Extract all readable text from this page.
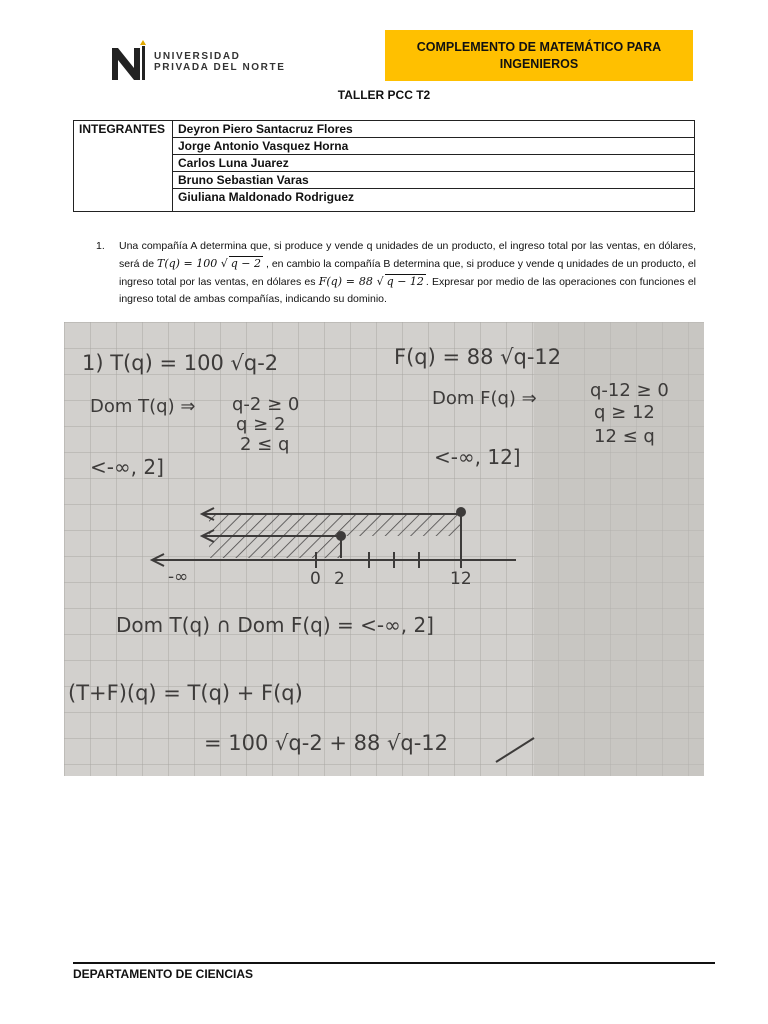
UNIVERSIDAD
PRIVADA DEL NORTE
COMPLEMENTO DE MATEMÁTICO PARA INGENIEROS
TALLER PCC T2
INTEGRANTES	Deyron Piero Santacruz Flores
Jorge Antonio Vasquez Horna
Carlos Luna Juarez
Bruno Sebastian Varas
Giuliana Maldonado Rodriguez
1. Una compañía A determina que, si produce y vende q unidades de un producto, el ingreso total por las ventas, en dólares, será de T(q) = 100 √ q − 2 , en cambio la compañía B determina que, si produce y vende q unidades de un producto, el ingreso total por las ventas, en dólares es F(q) = 88 √ q − 12 . Expresar por medio de las operaciones con funciones el ingreso total de ambas compañías, indicando su dominio.
1) T(q) = 100 √q-2	F(q) = 88 √q-12
Dom T(q) ⇒ q-2 ≥ 0
q ≥ 2
2 ≤ q
Dom F(q) ⇒	q-12 ≥ 0
q ≥ 12
12 ≤ q
<-∞, 2]	<-∞, 12]
-∞	0 2	12
Dom T(q) ∩ Dom F(q) = <-∞, 2]
(T+F)(q) = T(q) + F(q)
= 100 √q-2 + 88 √q-12
DEPARTAMENTO DE CIENCIAS
